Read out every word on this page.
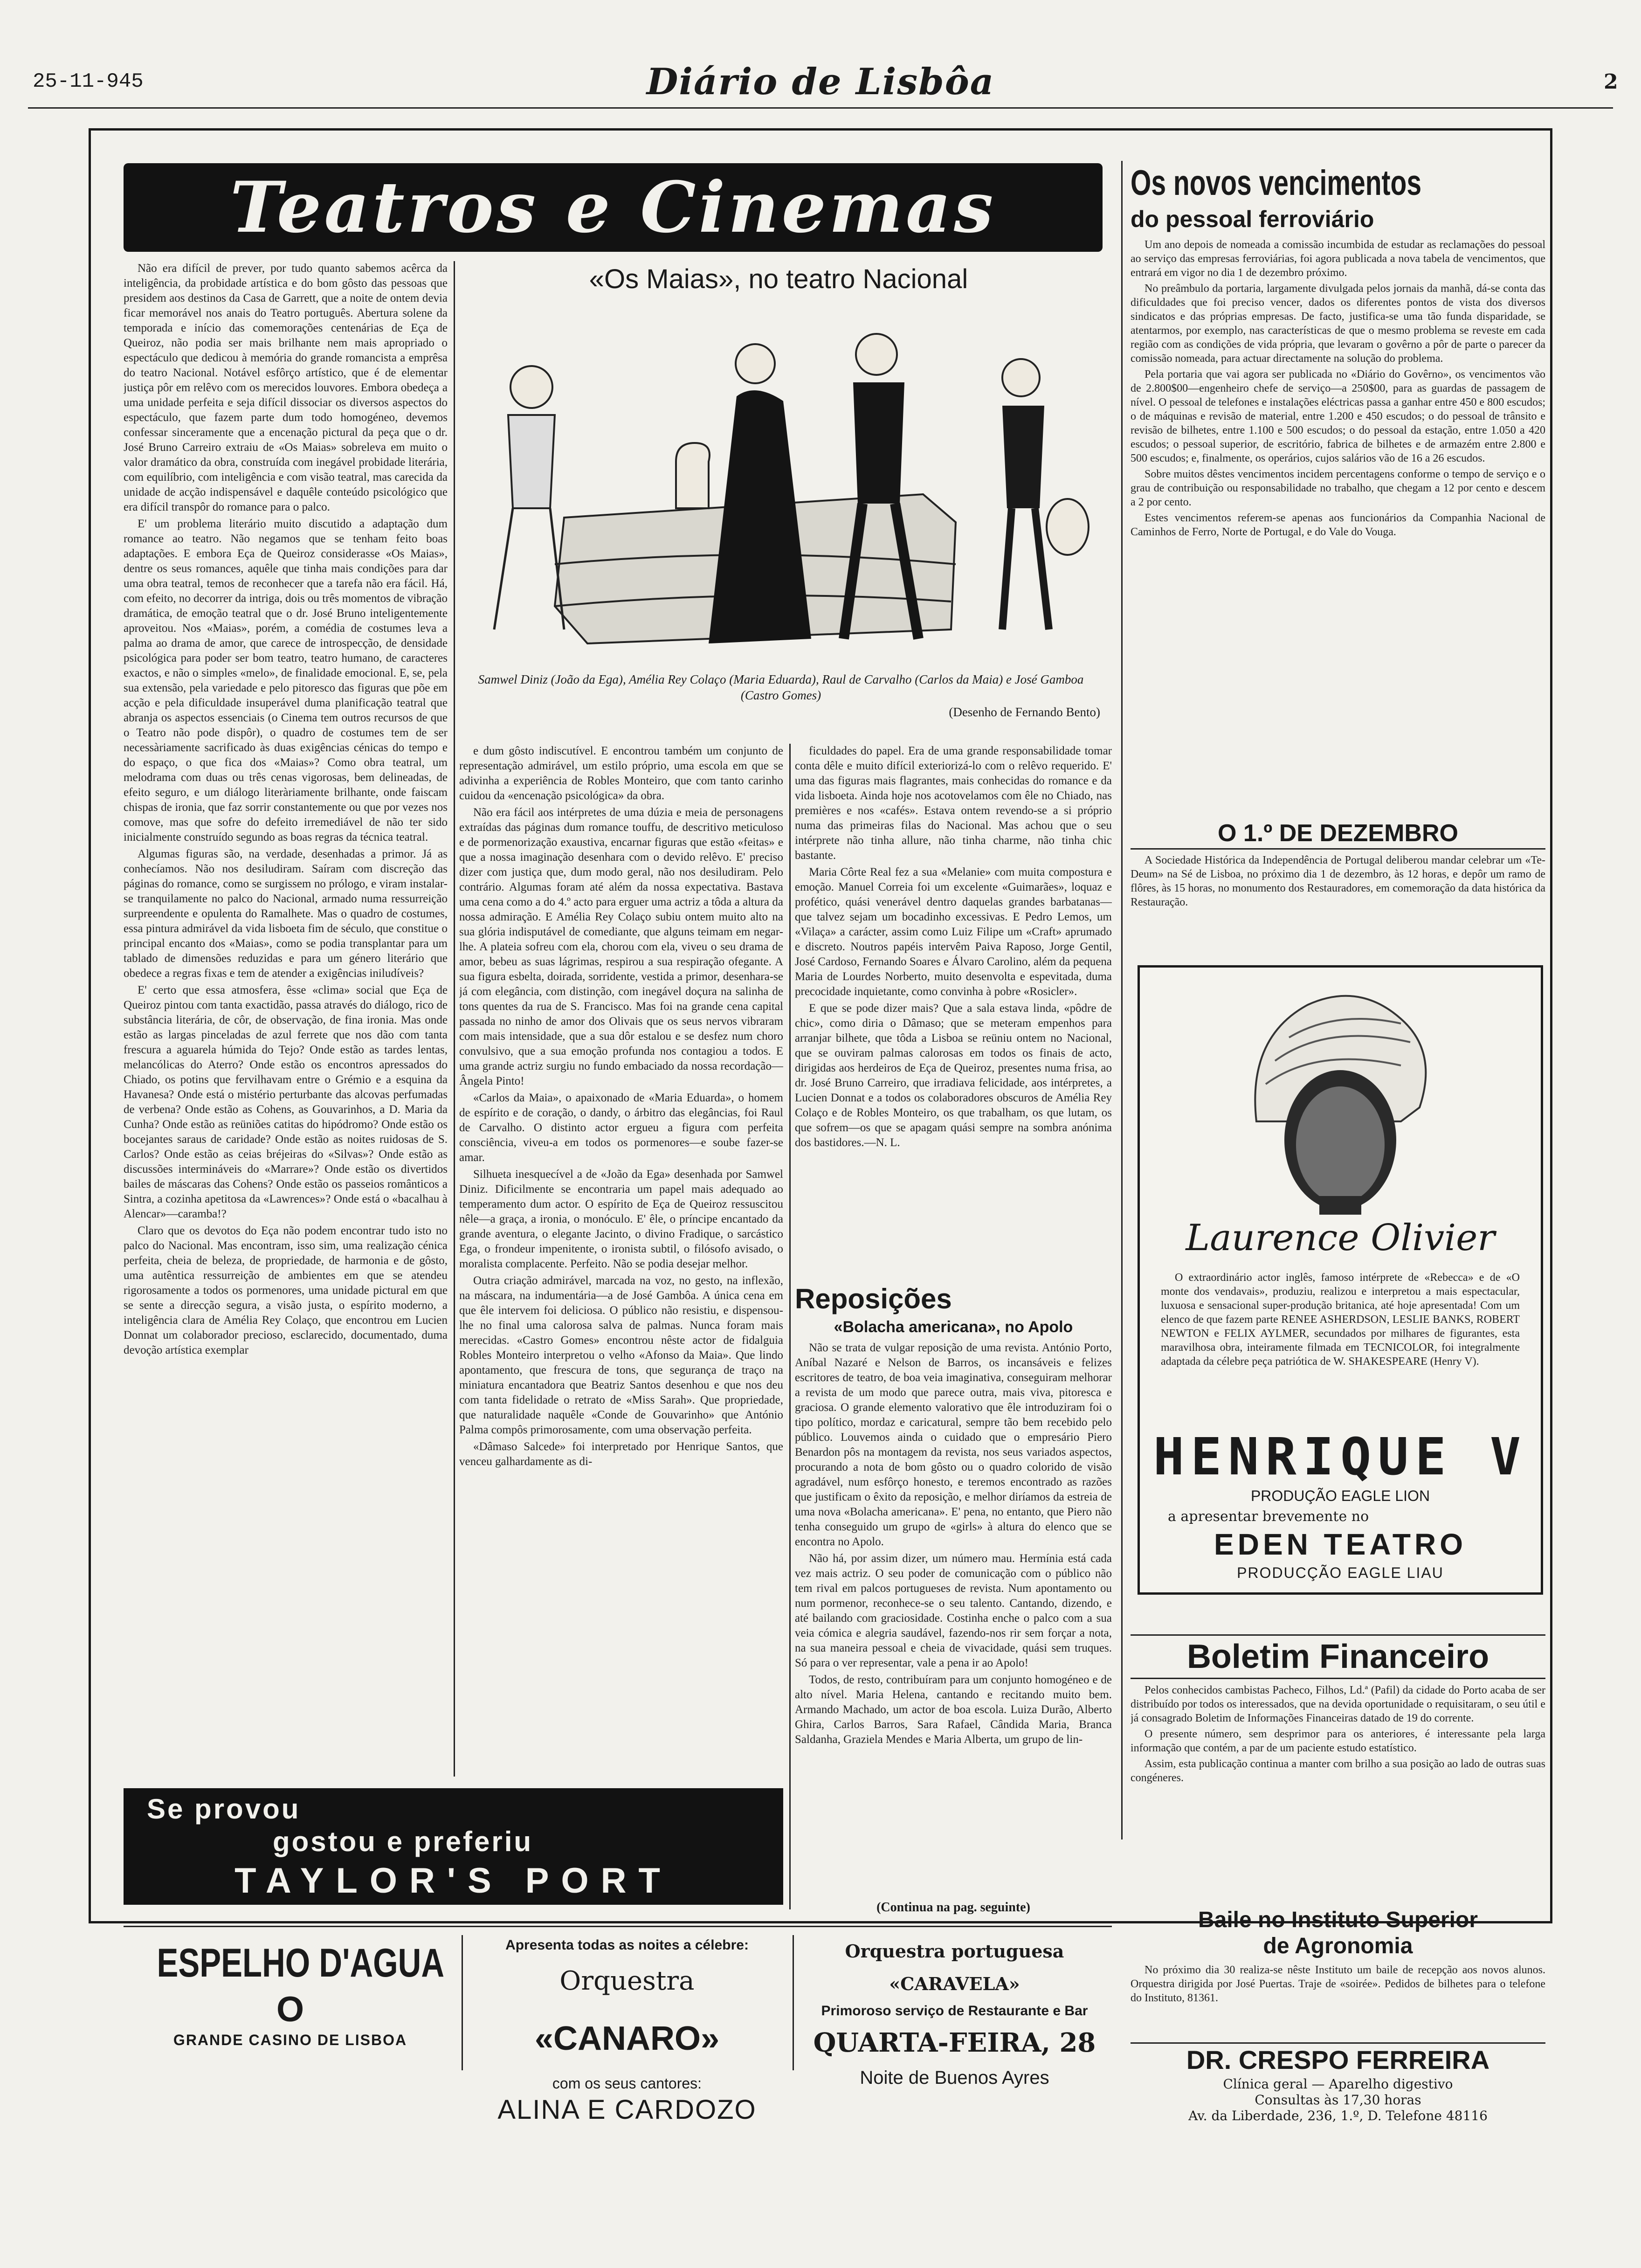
25-11-945	Diário de Lisbôa	2
Teatros e Cinemas	Os novos vencimentos
do pessoal ferroviário

Um ano depois de nomeada a comissão incumbida de estudar as reclamações do pessoal ao serviço das empresas ferroviárias, foi agora publicada a nova tabela de vencimentos, que entrará em vigor no dia 1 de dezembro próximo.

No preâmbulo da portaria, largamente divulgada pelos jornais da manhã, dá-se conta das dificuldades que foi preciso vencer, dados os diferentes pontos de vista dos diversos sindicatos e das próprias empresas. De facto, justifica-se uma tão funda disparidade, se atentarmos, por exemplo, nas características de que o mesmo problema se reveste em cada região com as condições de vida própria, que levaram o govêrno a pôr de parte o parecer da comissão nomeada, para actuar directamente na solução do problema.

Pela portaria que vai agora ser publicada no «Diário do Govêrno», os vencimentos vão de 2.800$00—engenheiro chefe de serviço—a 250$00, para as guardas de passagem de nível. O pessoal de telefones e instalações eléctricas passa a ganhar entre 450 e 800 escudos; o de máquinas e revisão de material, entre 1.200 e 450 escudos; o do pessoal de trânsito e revisão de bilhetes, entre 1.100 e 500 escudos; o do pessoal da estação, entre 1.050 a 420 escudos; o pessoal superior, de escritório, fabrica de bilhetes e de armazém entre 2.800 e 500 escudos; e, finalmente, os operários, cujos salários vão de 16 a 26 escudos.

Sobre muitos dêstes vencimentos incidem percentagens conforme o tempo de serviço e o grau de contribuição ou responsabilidade no trabalho, que chegam a 12 por cento e descem a 2 por cento.

Estes vencimentos referem-se apenas aos funcionários da Companhia Nacional de Caminhos de Ferro, Norte de Portugal, e do Vale do Vouga.

O 1.º DE DEZEMBRO

A Sociedade Histórica da Independência de Portugal deliberou mandar celebrar um «Te-Deum» na Sé de Lisboa, no próximo dia 1 de dezembro, às 12 horas, e depôr um ramo de flôres, às 15 horas, no monumento dos Restauradores, em comemoração da data histórica da Restauração.

Laurence Olivier
O extraordinário actor inglês, famoso intérprete de «Rebecca» e de «O monte dos vendavais», produziu, realizou e interpretou a mais espectacular, luxuosa e sensacional super-produção britanica, até hoje apresentada! Com um elenco de que fazem parte RENEE ASHERDSON, LESLIE BANKS, ROBERT NEWTON e FELIX AYLMER, secundados por milhares de figurantes, esta maravilhosa obra, inteiramente filmada em TECNICOLOR, foi integralmente adaptada da célebre peça patriótica de W. SHAKESPEARE (Henry V).
HENRIQUE V
PRODUÇÃO EAGLE LION
a apresentar brevemente no
EDEN TEATRO
PRODUCÇÃO EAGLE LIAU
Boletim Financeiro

Pelos conhecidos cambistas Pacheco, Filhos, Ld.ª (Pafil) da cidade do Porto acaba de ser distribuído por todos os interessados, que na devida oportunidade o requisitaram, o seu útil e já consagrado Boletim de Informações Financeiras datado de 19 do corrente.

O presente número, sem desprimor para os anteriores, é interessante pela larga informação que contém, a par de um paciente estudo estatístico.

Assim, esta publicação continua a manter com brilho a sua posição ao lado de outras suas congéneres.

Baile no Instituto Superior
de Agronomia
No próximo dia 30 realiza-se nêste Instituto um baile de recepção aos novos alunos. Orquestra dirigida por José Puertas. Traje de «soirée». Pedidos de bilhetes para o telefone do Instituto, 81361.
DR. CRESPO FERREIRA
Clínica geral — Aparelho digestivo
Consultas às 17,30 horas
Av. da Liberdade, 236, 1.º, D. Telefone 48116
«Os Maias», no teatro Nacional
Samwel Diniz (João da Ega), Amélia Rey Colaço (Maria Eduarda), Raul de Carvalho (Carlos da Maia) e José Gamboa (Castro Gomes)
(Desenho de Fernando Bento)

Não era difícil de prever, por tudo quanto sabemos acêrca da inteligência, da probidade artística e do bom gôsto das pessoas que presidem aos destinos da Casa de Garrett, que a noite de ontem devia ficar memorável nos anais do Teatro português. Abertura solene da temporada e início das comemorações centenárias de Eça de Queiroz, não podia ser mais brilhante nem mais apropriado o espectáculo que dedicou à memória do grande romancista a emprêsa do teatro Nacional. Notável esfôrço artístico, que é de elementar justiça pôr em relêvo com os merecidos louvores. Embora obedeça a uma unidade perfeita e seja difícil dissociar os diversos aspectos do espectáculo, que fazem parte dum todo homogéneo, devemos confessar sinceramente que a encenação pictural da peça que o dr. José Bruno Carreiro extraiu de «Os Maias» sobreleva em muito o valor dramático da obra, construída com inegável probidade literária, com equilíbrio, com inteligência e com visão teatral, mas carecida da unidade de acção indispensável e daquêle conteúdo psicológico que era difícil transpôr do romance para o palco.

E' um problema literário muito discutido a adaptação dum romance ao teatro. Não negamos que se tenham feito boas adaptações. E embora Eça de Queiroz considerasse «Os Maias», dentre os seus romances, aquêle que tinha mais condições para dar uma obra teatral, temos de reconhecer que a tarefa não era fácil. Há, com efeito, no decorrer da intriga, dois ou três momentos de vibração dramática, de emoção teatral que o dr. José Bruno inteligentemente aproveitou. Nos «Maias», porém, a comédia de costumes leva a palma ao drama de amor, que carece de introspecção, de densidade psicológica para poder ser bom teatro, teatro humano, de caracteres exactos, e não o simples «melo», de finalidade emocional. E, se, pela sua extensão, pela variedade e pelo pitoresco das figuras que põe em acção e pela dificuldade insuperável duma planificação teatral que abranja os aspectos essenciais (o Cinema tem outros recursos de que o Teatro não pode dispôr), o quadro de costumes tem de ser necessàriamente sacrificado às duas exigências cénicas do tempo e do espaço, o que fica dos «Maias»? Como obra teatral, um melodrama com duas ou três cenas vigorosas, bem delineadas, de efeito seguro, e um diálogo literàriamente brilhante, onde faiscam chispas de ironia, que faz sorrir constantemente ou que por vezes nos comove, mas que sofre do defeito irremediável de não ter sido inicialmente construído segundo as boas regras da técnica teatral.

Algumas figuras são, na verdade, desenhadas a primor. Já as conhecíamos. Não nos desiludiram. Saíram com discreção das páginas do romance, como se surgissem no prólogo, e viram instalar-se tranquilamente no palco do Nacional, armado numa ressurreição surpreendente e opulenta do Ramalhete. Mas o quadro de costumes, essa pintura admirável da vida lisboeta fim de século, que constitue o principal encanto dos «Maias», como se podia transplantar para um tablado de dimensões reduzidas e para um género literário que obedece a regras fixas e tem de atender a exigências iniludíveis?

E' certo que essa atmosfera, êsse «clima» social que Eça de Queiroz pintou com tanta exactidão, passa através do diálogo, rico de substância literária, de côr, de observação, de fina ironia. Mas onde estão as largas pinceladas de azul ferrete que nos dão com tanta frescura a aguarela húmida do Tejo? Onde estão as tardes lentas, melancólicas do Aterro? Onde estão os encontros apressados do Chiado, os potins que fervilhavam entre o Grémio e a esquina da Havanesa? Onde está o mistério perturbante das alcovas perfumadas de verbena? Onde estão as Cohens, as Gouvarinhos, a D. Maria da Cunha? Onde estão as reüniões catitas do hipódromo? Onde estão os bocejantes saraus de caridade? Onde estão as noites ruidosas de S. Carlos? Onde estão as ceias bréjeiras do «Silvas»? Onde estão as discussões intermináveis do «Marrare»? Onde estão os divertidos bailes de máscaras das Cohens? Onde estão os passeios românticos a Sintra, a cozinha apetitosa da «Lawrences»? Onde está o «bacalhau à Alencar»—caramba!?

Claro que os devotos do Eça não podem encontrar tudo isto no palco do Nacional. Mas encontram, isso sim, uma realização cénica perfeita, cheia de beleza, de propriedade, de harmonia e de gôsto, uma autêntica ressurreição de ambientes em que se atendeu rigorosamente a todos os pormenores, uma unidade pictural em que se sente a direcção segura, a visão justa, o espírito moderno, a inteligência clara de Amélia Rey Colaço, que encontrou em Lucien Donnat um colaborador precioso, esclarecido, documentado, duma devoção artística exemplar

e dum gôsto indiscutível. E encontrou também um conjunto de representação admirável, um estilo próprio, uma escola em que se adivinha a experiência de Robles Monteiro, que com tanto carinho cuidou da «encenação psicológica» da obra.

Não era fácil aos intérpretes de uma dúzia e meia de personagens extraídas das páginas dum romance touffu, de descritivo meticuloso e de pormenorização exaustiva, encarnar figuras que estão «feitas» e que a nossa imaginação desenhara com o devido relêvo. E' preciso dizer com justiça que, dum modo geral, não nos desiludiram. Pelo contrário. Algumas foram até além da nossa expectativa. Bastava uma cena como a do 4.º acto para erguer uma actriz a tôda a altura da nossa admiração. E Amélia Rey Colaço subiu ontem muito alto na sua glória indisputável de comediante, que alguns teimam em negar-lhe. A plateia sofreu com ela, chorou com ela, viveu o seu drama de amor, bebeu as suas lágrimas, respirou a sua respiração ofegante. A sua figura esbelta, doirada, sorridente, vestida a primor, desenhara-se já com elegância, com distinção, com inegável doçura na salinha de tons quentes da rua de S. Francisco. Mas foi na grande cena capital passada no ninho de amor dos Olivais que os seus nervos vibraram com mais intensidade, que a sua dôr estalou e se desfez num choro convulsivo, que a sua emoção profunda nos contagiou a todos. E uma grande actriz surgiu no fundo embaciado da nossa recordação—Ângela Pinto!

«Carlos da Maia», o apaixonado de «Maria Eduarda», o homem de espírito e de coração, o dandy, o árbitro das elegâncias, foi Raul de Carvalho. O distinto actor ergueu a figura com perfeita consciência, viveu-a em todos os pormenores—e soube fazer-se amar.

Silhueta inesquecível a de «João da Ega» desenhada por Samwel Diniz. Dificilmente se encontraria um papel mais adequado ao temperamento dum actor. O espírito de Eça de Queiroz ressuscitou nêle—a graça, a ironia, o monóculo. E' êle, o príncipe encantado da grande aventura, o elegante Jacinto, o divino Fradique, o sarcástico Ega, o frondeur impenitente, o ironista subtil, o filósofo avisado, o moralista complacente. Perfeito. Não se podia desejar melhor.

Outra criação admirável, marcada na voz, no gesto, na inflexão, na máscara, na indumentária—a de José Gambôa. A única cena em que êle intervem foi deliciosa. O público não resistiu, e dispensou-lhe no final uma calorosa salva de palmas. Nunca foram mais merecidas. «Castro Gomes» encontrou nêste actor de fidalguia Robles Monteiro interpretou o velho «Afonso da Maia». Que lindo apontamento, que frescura de tons, que segurança de traço na miniatura encantadora que Beatriz Santos desenhou e que nos deu com tanta fidelidade o retrato de «Miss Sarah». Que propriedade, que naturalidade naquêle «Conde de Gouvarinho» que António Palma compôs primorosamente, com uma observação perfeita.

«Dâmaso Salcede» foi interpretado por Henrique Santos, que venceu galhardamente as di-

ficuldades do papel. Era de uma grande responsabilidade tomar conta dêle e muito difícil exteriorizá-lo com o relêvo requerido. E' uma das figuras mais flagrantes, mais conhecidas do romance e da vida lisboeta. Ainda hoje nos acotovelamos com êle no Chiado, nas premières e nos «cafés». Estava ontem revendo-se a si próprio numa das primeiras filas do Nacional. Mas achou que o seu intérprete não tinha allure, não tinha charme, não tinha chic bastante.

Maria Côrte Real fez a sua «Melanie» com muita compostura e emoção. Manuel Correia foi um excelente «Guimarães», loquaz e profético, quási venerável dentro daquelas grandes barbatanas—que talvez sejam um bocadinho excessivas. E Pedro Lemos, um «Vilaça» a carácter, assim como Luiz Filipe um «Craft» aprumado e discreto. Noutros papéis intervêm Paiva Raposo, Jorge Gentil, José Cardoso, Fernando Soares e Álvaro Carolino, além da pequena Maria de Lourdes Norberto, muito desenvolta e espevitada, duma precocidade inquietante, como convinha à pobre «Rosicler».

E que se pode dizer mais? Que a sala estava linda, «pôdre de chic», como diria o Dâmaso; que se meteram empenhos para arranjar bilhete, que tôda a Lisboa se reüniu ontem no Nacional, que se ouviram palmas calorosas em todos os finais de acto, dirigidas aos herdeiros de Eça de Queiroz, presentes numa frisa, ao dr. José Bruno Carreiro, que irradiava felicidade, aos intérpretes, a Lucien Donnat e a todos os colaboradores obscuros de Amélia Rey Colaço e de Robles Monteiro, os que trabalham, os que lutam, os que sofrem—os que se apagam quási sempre na sombra anónima dos bastidores.—N. L.

Reposições
«Bolacha americana», no Apolo

Não se trata de vulgar reposição de uma revista. António Porto, Aníbal Nazaré e Nelson de Barros, os incansáveis e felizes escritores de teatro, de boa veia imaginativa, conseguiram melhorar a revista de um modo que parece outra, mais viva, pitoresca e graciosa. O grande elemento valorativo que êle introduziram foi o tipo político, mordaz e caricatural, sempre tão bem recebido pelo público. Louvemos ainda o cuidado que o empresário Piero Benardon pôs na montagem da revista, nos seus variados aspectos, procurando a nota de bom gôsto ou o quadro colorido de visão agradável, num esfôrço honesto, e teremos encontrado as razões que justificam o êxito da reposição, e melhor diríamos da estreia de uma nova «Bolacha americana». E' pena, no entanto, que Piero não tenha conseguido um grupo de «girls» à altura do elenco que se encontra no Apolo.

Não há, por assim dizer, um número mau. Hermínia está cada vez mais actriz. O seu poder de comunicação com o público não tem rival em palcos portugueses de revista. Num apontamento ou num pormenor, reconhece-se o seu talento. Cantando, dizendo, e até bailando com graciosidade. Costinha enche o palco com a sua veia cómica e alegria saudável, fazendo-nos rir sem forçar a nota, na sua maneira pessoal e cheia de vivacidade, quási sem truques. Só para o ver representar, vale a pena ir ao Apolo!

Todos, de resto, contribuíram para um conjunto homogéneo e de alto nível. Maria Helena, cantando e recitando muito bem. Armando Machado, um actor de boa escola. Luiza Durão, Alberto Ghira, Carlos Barros, Sara Rafael, Cândida Maria, Branca Saldanha, Graziela Mendes e Maria Alberta, um grupo de lin-

(Continua na pag. seguinte)
Se provou
gostou e preferiu
TAYLOR'S PORT
ESPELHO D'AGUA
O
GRANDE CASINO DE LISBOA
Apresenta todas as noites a célebre:
Orquestra «CANARO»
com os seus cantores:
ALINA E CARDOZO
Orquestra portuguesa «CARAVELA»
Primoroso serviço de Restaurante e Bar
QUARTA-FEIRA, 28
Noite de Buenos Ayres
